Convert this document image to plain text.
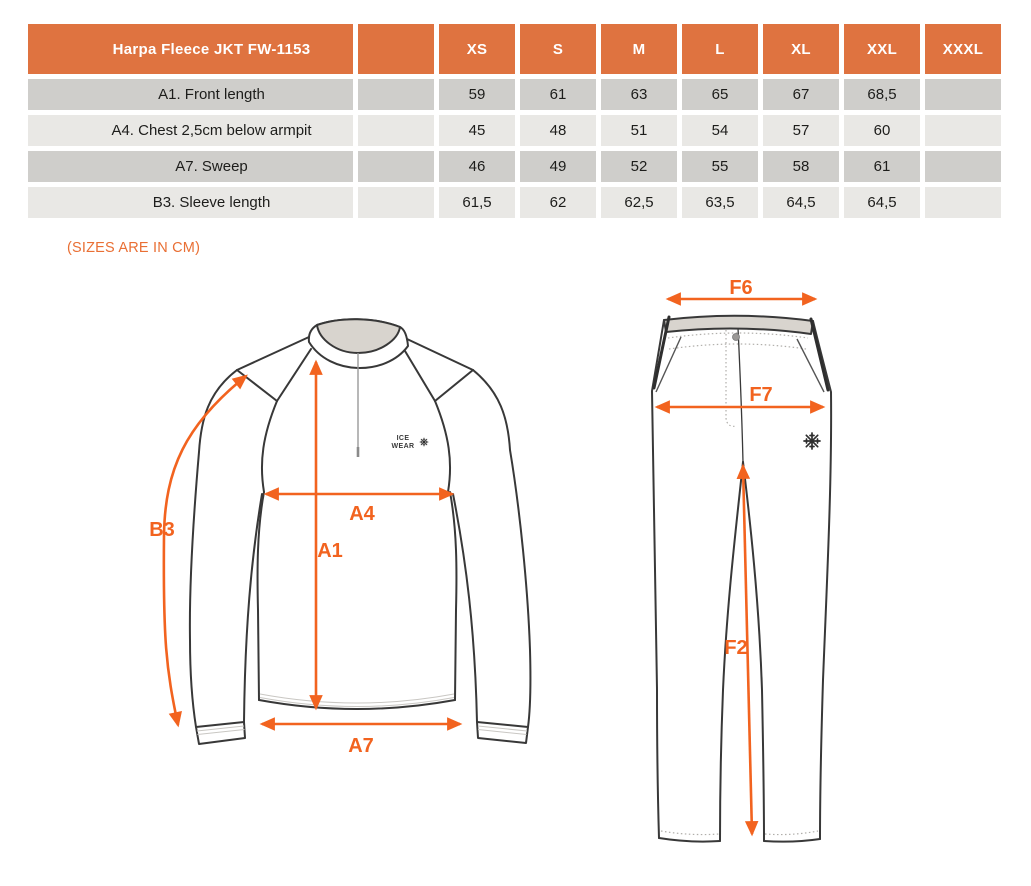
Harpa Fleece JKT FW-1153		XS	S	M	L	XL	XXL	XXXL
A1. Front length		59	61	63	65	67	68,5	
A4. Chest 2,5cm below armpit		45	48	51	54	57	60	
A7. Sweep		46	49	52	55	58	61	
B3. Sleeve length		61,5	62	62,5	63,5	64,5	64,5	
(SIZES ARE IN CM)
ICE
WEAR
B3
A4
A1
A7
F6
F7
F2
